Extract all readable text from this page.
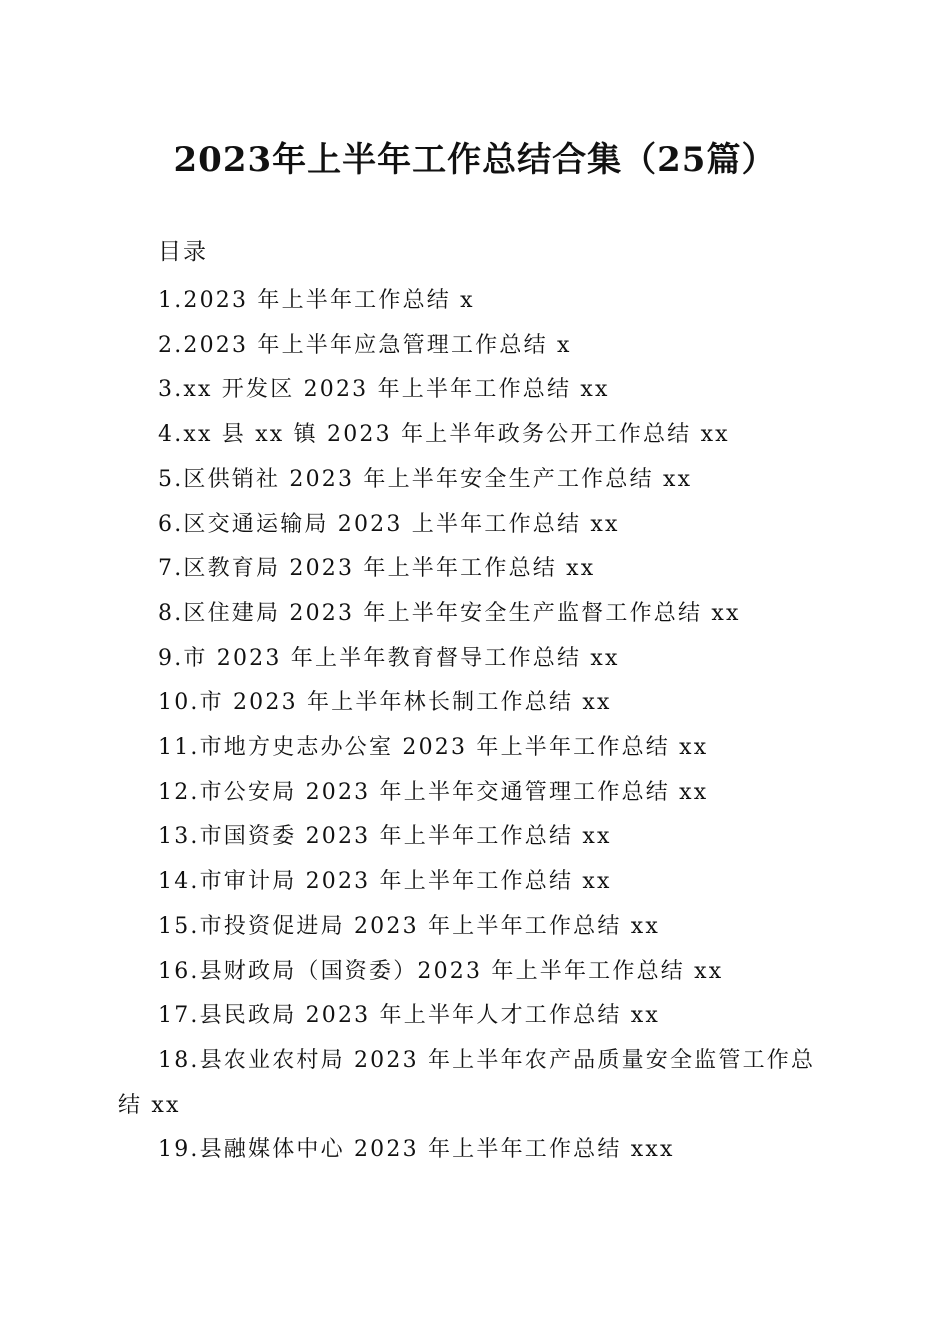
2023年上半年工作总结合集（25篇）
目录
1.2023 年上半年工作总结 x
2.2023 年上半年应急管理工作总结 x
3.xx 开发区 2023 年上半年工作总结 xx
4.xx 县 xx 镇 2023 年上半年政务公开工作总结 xx
5.区供销社 2023 年上半年安全生产工作总结 xx
6.区交通运输局 2023 上半年工作总结 xx
7.区教育局 2023 年上半年工作总结 xx
8.区住建局 2023 年上半年安全生产监督工作总结 xx
9.市 2023 年上半年教育督导工作总结 xx
10.市 2023 年上半年林长制工作总结 xx
11.市地方史志办公室 2023 年上半年工作总结 xx
12.市公安局 2023 年上半年交通管理工作总结 xx
13.市国资委 2023 年上半年工作总结 xx
14.市审计局 2023 年上半年工作总结 xx
15.市投资促进局 2023 年上半年工作总结 xx
16.县财政局（国资委）2023 年上半年工作总结 xx
17.县民政局 2023 年上半年人才工作总结 xx
18.县农业农村局 2023 年上半年农产品质量安全监管工作总结 xx
19.县融媒体中心 2023 年上半年工作总结 xxx
